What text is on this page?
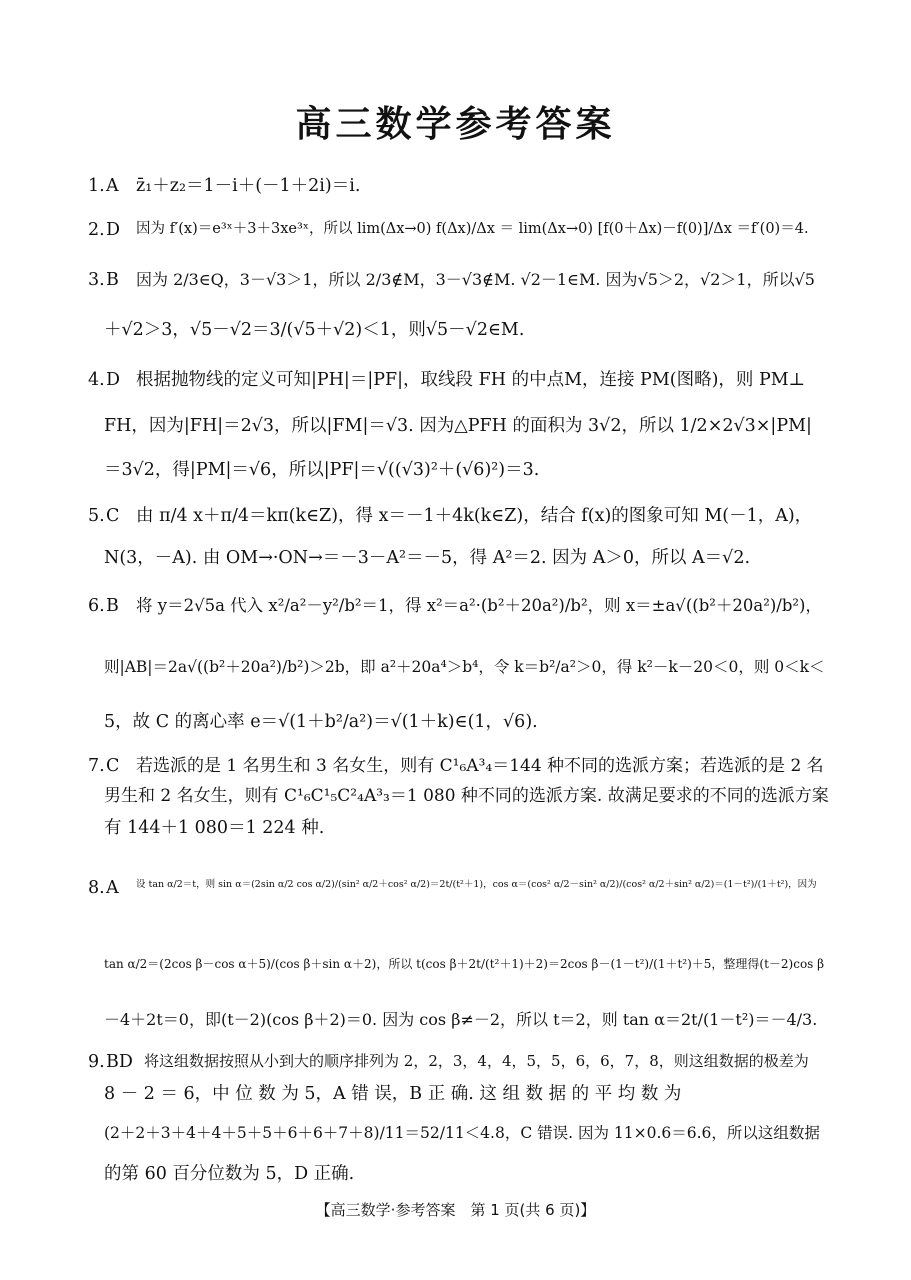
高三数学参考答案
1. A z̄₁＋z₂＝1－i＋(－1＋2i)＝i.
2. D 因为 f′(x)＝e³ˣ＋3＋3xe³ˣ，所以 lim(Δx→0) f(Δx)/Δx ＝ lim(Δx→0) [f(0＋Δx)－f(0)]/Δx ＝f′(0)＝4.
3. B 因为 2/3∈Q，3－√3＞1，所以 2/3∉M，3－√3∉M. √2－1∈M. 因为√5＞2，√2＞1，所以√5
＋√2＞3，√5－√2＝3/(√5＋√2)＜1，则√5－√2∈M.
4. D 根据抛物线的定义可知|PH|＝|PF|，取线段 FH 的中点M，连接 PM(图略)，则 PM⊥
FH，因为|FH|＝2√3，所以|FM|＝√3. 因为△PFH 的面积为 3√2，所以 1/2×2√3×|PM|
＝3√2，得|PM|＝√6，所以|PF|＝√((√3)²＋(√6)²)＝3.
5. C 由 π/4 x＋π/4＝kπ(k∈Z)，得 x＝－1＋4k(k∈Z)，结合 f(x)的图象可知 M(－1，A)，
N(3，－A). 由 OM→·ON→＝－3－A²＝－5，得 A²＝2. 因为 A＞0，所以 A＝√2.
6. B 将 y＝2√5a 代入 x²/a²－y²/b²＝1，得 x²＝a²·(b²＋20a²)/b²，则 x＝±a√((b²＋20a²)/b²)，
则|AB|＝2a√((b²＋20a²)/b²)＞2b，即 a²＋20a⁴＞b⁴，令 k＝b²/a²＞0，得 k²－k－20＜0，则 0＜k＜
5，故 C 的离心率 e＝√(1＋b²/a²)＝√(1＋k)∈(1，√6).
7. C 若选派的是 1 名男生和 3 名女生，则有 C¹₆A³₄＝144 种不同的选派方案；若选派的是 2 名
男生和 2 名女生，则有 C¹₆C¹₅C²₄A³₃＝1 080 种不同的选派方案. 故满足要求的不同的选派方案
有 144＋1 080＝1 224 种.
8. A 设 tan α/2＝t，则 sin α＝(2sin α/2 cos α/2)/(sin² α/2＋cos² α/2)＝2t/(t²＋1)，cos α＝(cos² α/2－sin² α/2)/(cos² α/2＋sin² α/2)＝(1－t²)/(1＋t²)，因为
tan α/2＝(2cos β－cos α＋5)/(cos β＋sin α＋2)，所以 t(cos β＋2t/(t²＋1)＋2)＝2cos β－(1－t²)/(1＋t²)＋5，整理得(t－2)cos β
－4＋2t＝0，即(t－2)(cos β＋2)＝0. 因为 cos β≠－2，所以 t＝2，则 tan α＝2t/(1－t²)＝－4/3.
9. BD 将这组数据按照从小到大的顺序排列为 2，2，3，4，4，5，5，6，6，7，8，则这组数据的极差为
8 － 2 ＝ 6，中 位 数 为 5，A 错 误，B 正 确. 这 组 数 据 的 平 均 数 为
(2＋2＋3＋4＋4＋5＋5＋6＋6＋7＋8)/11＝52/11＜4.8，C 错误. 因为 11×0.6＝6.6，所以这组数据
的第 60 百分位数为 5，D 正确.
【高三数学·参考答案　第 1 页(共 6 页)】
